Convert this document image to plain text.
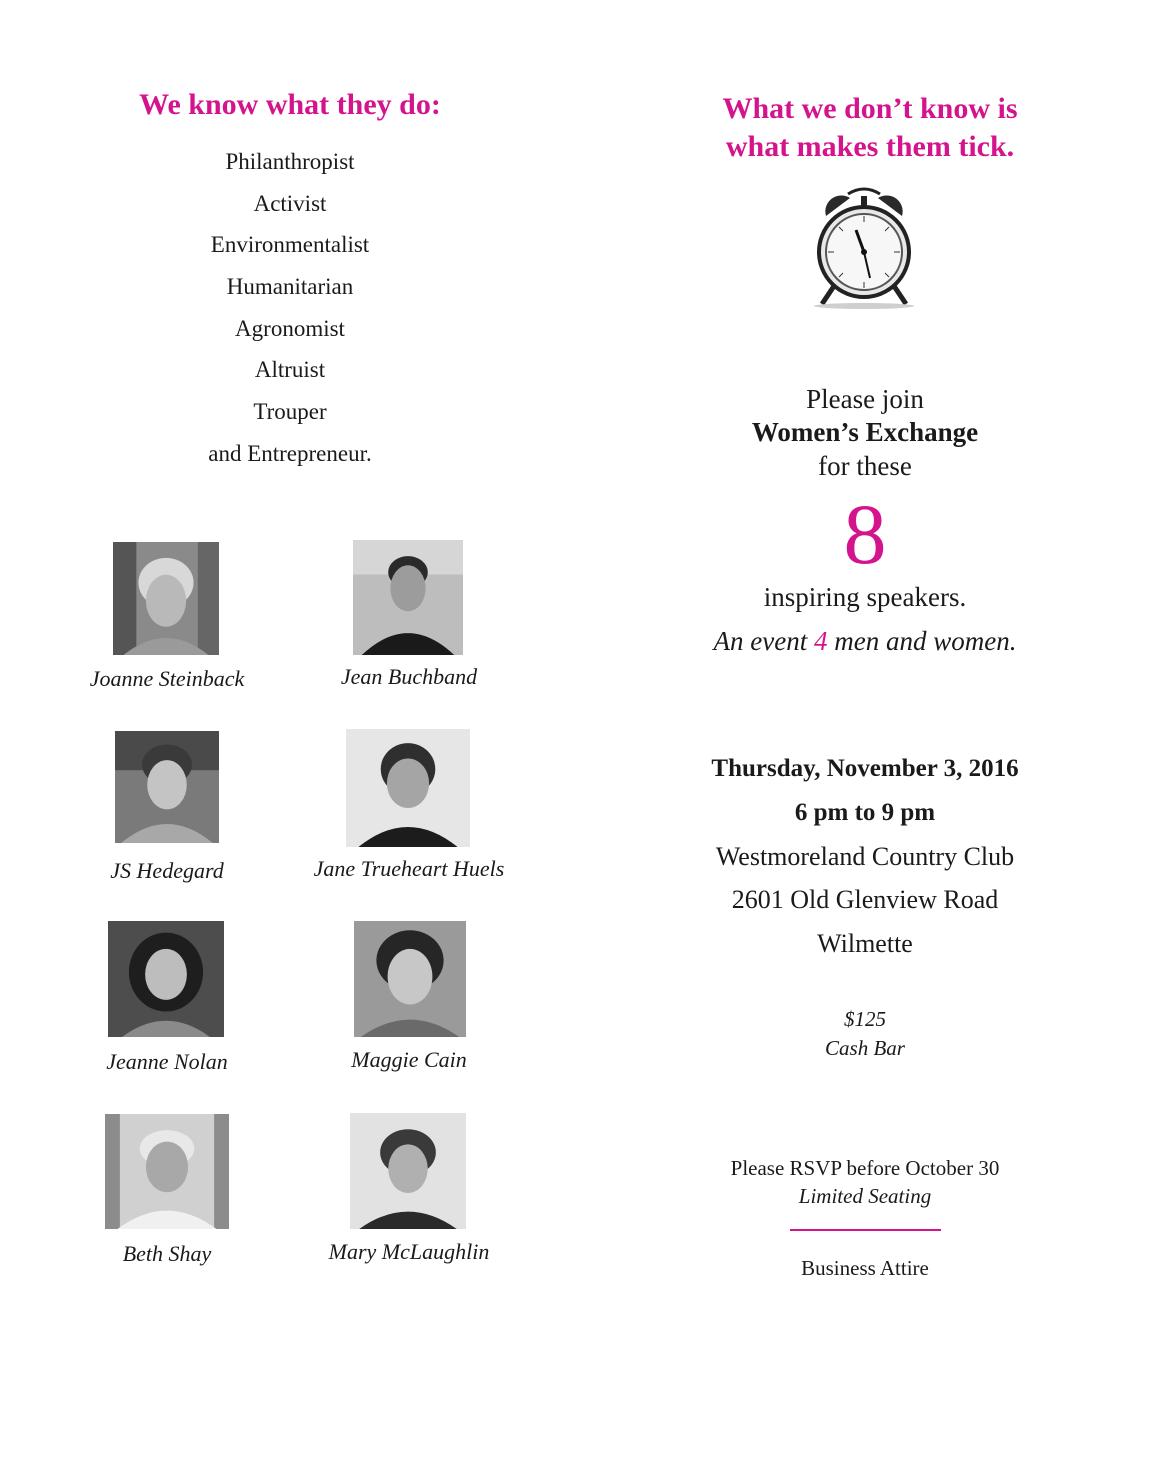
We know what they do:
Philanthropist
Activist
Environmentalist
Humanitarian
Agronomist
Altruist
Trouper
and Entrepreneur.
Joanne Steinback	Jean Buchband
JS Hedegard	Jane Trueheart Huels
Jeanne Nolan	Maggie Cain
Beth Shay	Mary McLaughlin
What we don’t know is
what makes them tick.
Please join
Women’s Exchange
for these
8
inspiring speakers.
An event 4 men and women.
Thursday, November 3, 2016
6 pm to 9 pm
Westmoreland Country Club
2601 Old Glenview Road
Wilmette
$125
Cash Bar
Please RSVP before October 30
Limited Seating
Business Attire
